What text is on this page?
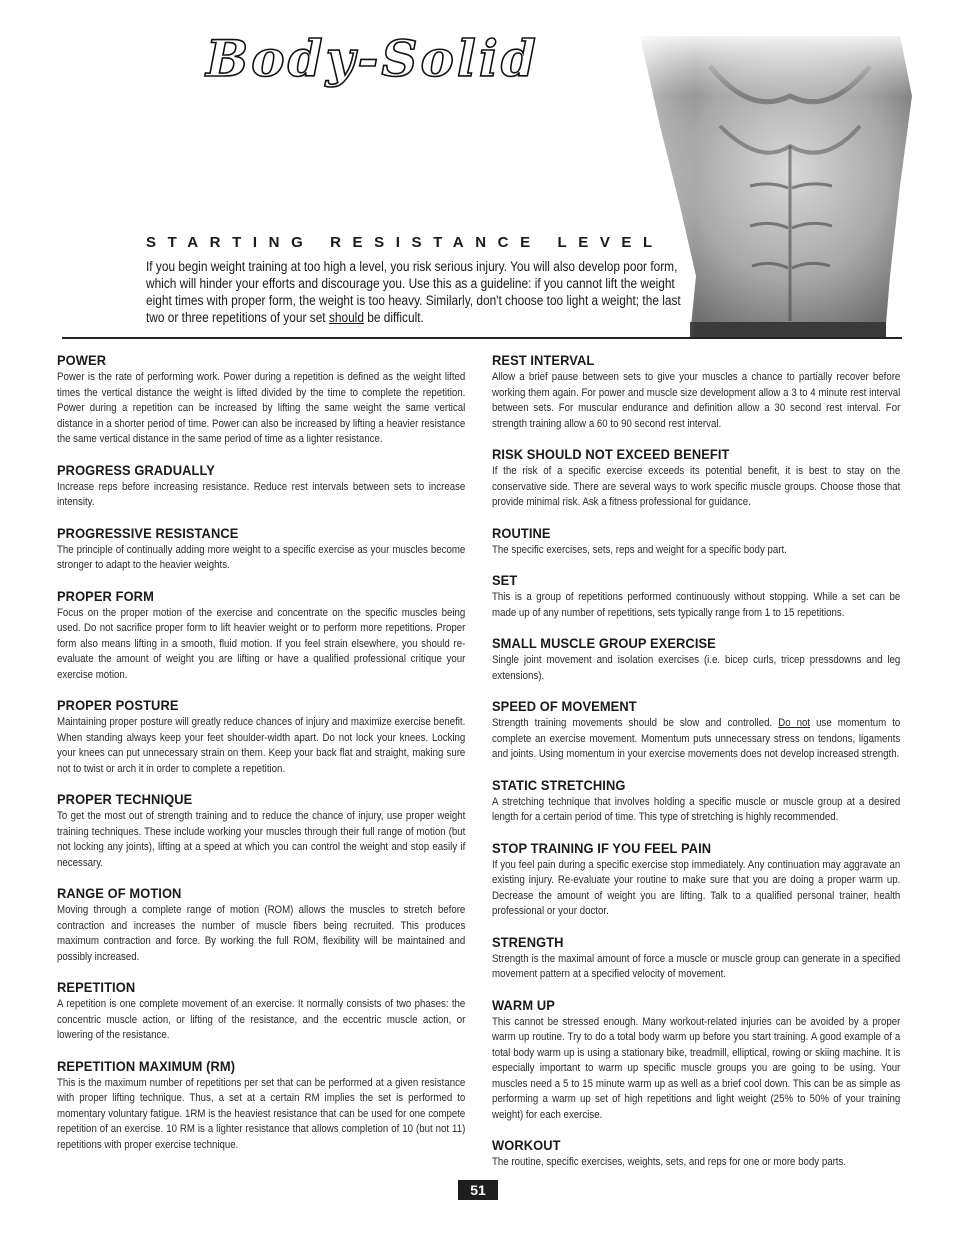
Body-Solid
STARTING RESISTANCE LEVEL

If you begin weight training at too high a level, you risk serious injury. You will also develop poor form, which will hinder your efforts and discourage you. Use this as a guideline: if you cannot lift the weight eight times with proper form, the weight is too heavy. Similarly, don't choose too light a weight; the last two or three repetitions of your set should be difficult.

POWER

Power is the rate of performing work. Power during a repetition is defined as the weight lifted times the vertical distance the weight is lifted divided by the time to complete the repetition. Power during a repetition can be increased by lifting the same weight the same vertical distance in a shorter period of time. Power can also be increased by lifting a heavier resistance the same vertical distance in the same period of time as a lighter resistance.

PROGRESS GRADUALLY

Increase reps before increasing resistance. Reduce rest intervals between sets to increase intensity.

PROGRESSIVE RESISTANCE

The principle of continually adding more weight to a specific exercise as your muscles become stronger to adapt to the heavier weights.

PROPER FORM

Focus on the proper motion of the exercise and concentrate on the specific muscles being used. Do not sacrifice proper form to lift heavier weight or to perform more repetitions. Proper form also means lifting in a smooth, fluid motion. If you feel strain elsewhere, you should re-evaluate the amount of weight you are lifting or have a qualified professional critique your exercise motion.

PROPER POSTURE

Maintaining proper posture will greatly reduce chances of injury and maximize exercise benefit. When standing always keep your feet shoulder-width apart. Do not lock your knees. Locking your knees can put unnecessary strain on them. Keep your back flat and straight, making sure not to twist or arch it in order to complete a repetition.

PROPER TECHNIQUE

To get the most out of strength training and to reduce the chance of injury, use proper weight training techniques. These include working your muscles through their full range of motion (but not locking any joints), lifting at a speed at which you can control the weight and stop easily if necessary.

RANGE OF MOTION

Moving through a complete range of motion (ROM) allows the muscles to stretch before contraction and increases the number of muscle fibers being recruited. This produces maximum contraction and force. By working the full ROM, flexibility will be maintained and possibly increased.

REPETITION

A repetition is one complete movement of an exercise. It normally consists of two phases: the concentric muscle action, or lifting of the resistance, and the eccentric muscle action, or lowering of the resistance.

REPETITION MAXIMUM (RM)

This is the maximum number of repetitions per set that can be performed at a given resistance with proper lifting technique. Thus, a set at a certain RM implies the set is performed to momentary voluntary fatigue. 1RM is the heaviest resistance that can be used for one compete repetition of an exercise. 10 RM is a lighter resistance that allows completion of 10 (but not 11) repetitions with proper exercise technique.

REST INTERVAL

Allow a brief pause between sets to give your muscles a chance to partially recover before working them again. For power and muscle size development allow a 3 to 4 minute rest interval between sets. For muscular endurance and definition allow a 30 second rest interval. For strength training allow a 60 to 90 second rest interval.

RISK SHOULD NOT EXCEED BENEFIT

If the risk of a specific exercise exceeds its potential benefit, it is best to stay on the conservative side. There are several ways to work specific muscle groups. Choose those that provide minimal risk. Ask a fitness professional for guidance.

ROUTINE

The specific exercises, sets, reps and weight for a specific body part.

SET

This is a group of repetitions performed continuously without stopping. While a set can be made up of any number of repetitions, sets typically range from 1 to 15 repetitions.

SMALL MUSCLE GROUP EXERCISE

Single joint movement and isolation exercises (i.e. bicep curls, tricep pressdowns and leg extensions).

SPEED OF MOVEMENT

Strength training movements should be slow and controlled. Do not use momentum to complete an exercise movement. Momentum puts unnecessary stress on tendons, ligaments and joints. Using momentum in your exercise movements does not develop increased strength.

STATIC STRETCHING

A stretching technique that involves holding a specific muscle or muscle group at a desired length for a certain period of time. This type of stretching is highly recommended.

STOP TRAINING IF YOU FEEL PAIN

If you feel pain during a specific exercise stop immediately. Any continuation may aggravate an existing injury. Re-evaluate your routine to make sure that you are doing a proper warm up. Decrease the amount of weight you are lifting. Talk to a qualified personal trainer, health professional or your doctor.

STRENGTH

Strength is the maximal amount of force a muscle or muscle group can generate in a specified movement pattern at a specified velocity of movement.

WARM UP

This cannot be stressed enough. Many workout-related injuries can be avoided by a proper warm up routine. Try to do a total body warm up before you start training. A good example of a total body warm up is using a stationary bike, treadmill, elliptical, rowing or skiing machine. It is especially important to warm up specific muscle groups you are going to be using. Your muscles need a 5 to 15 minute warm up as well as a brief cool down. This can be as simple as performing a warm up set of high repetitions and light weight (25% to 50% of your training weight) for each exercise.

WORKOUT

The routine, specific exercises, weights, sets, and reps for one or more body parts.

51
